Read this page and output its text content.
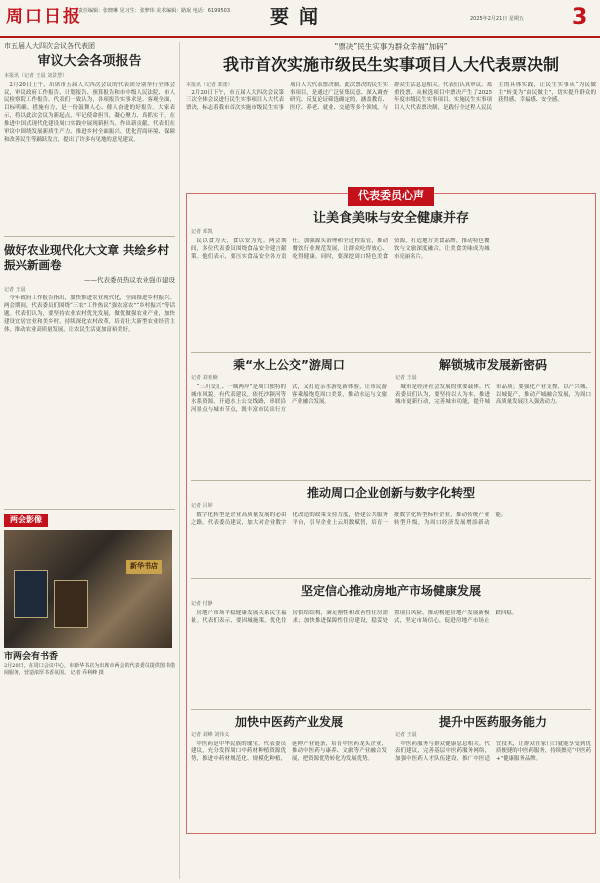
周口日报
责任编辑：张晓琳 见习生：张梦玮 美术编辑：路珉 电话：6199503 要闻	2025年2月21日 星期五 3
市五届人大四次会议各代表团
审议大会各项报告
本报讯（记者 王晨 刘景慧）

2月20日上午，出席市五届人大四次会议的代表团分别举行全体会议，审议政府工作报告、计划报告、预算报告和市中级人民法院、市人民检察院工作报告。代表们一致认为，各项报告实事求是、客观全面，目标明确、措施有力，是一份鼓舞人心、催人奋进的好报告。大家表示，将以此次会议为新起点，牢记使命担当，凝心聚力、真抓实干，在推进中国式现代化建设周口实践中展现新担当、作出新贡献。代表们在审议中围绕发展新质生产力、推进乡村全面振兴、优化营商环境、保障和改善民生等踊跃发言，提出了许多有见地的意见建议。

做好农业现代化大文章 共绘乡村振兴新画卷
——代表委员热议农业强市建设
记者 王晨

今年政府工作报告指出，加快推进农业现代化，全面推进乡村振兴。两会期间，代表委员们围绕“三农”工作热议“强农富农”“乡村振兴”等话题。代表们认为，要坚持农业农村优先发展，做优做强农业产业，加快建设宜居宜业和美乡村，持续深化农村改革，培育壮大新型农业经营主体，推动农业高质量发展，让农民生活更加富裕美好。

两会影像
新华书店
市两会有书香
2月20日，在周口会议中心，市新华书店为出席市两会的代表委员提供图书借阅服务，营造浓厚书香氛围。 记者 乔利峰 摄
“票决”民生实事为群众幸福“加码”
我市首次实施市级民生实事项目人大代表票决制
本报讯（记者 郭蕾）

2月20日下午，市五届人大四次会议第三次全体会议进行民生实事项目人大代表票决，标志着我市首次实施市级民生实事项目人大代表票决制。此次票决的民生实事项目，是通过广泛征集民意、深入调查研究、反复论证筛选确定的，涵盖教育、医疗、养老、就业、交通等多个领域，与群众生活息息相关。代表们认真审议、郑重投票，从候选项目中票决产生了2025年度市级民生实事项目。实施民生实事项目人大代表票决制，是践行全过程人民民主的具体实践，让民生实事从“为民做主”转变为“由民做主”，切实提升群众的获得感、幸福感、安全感。

代表委员心声
让美食美味与安全健康并存
记者 邓凯

民以食为天，食以安为先。两会期间，多位代表委员围绕食品安全建言献策。他们表示，要压实食品安全各方责任，加强源头治理和全过程监管，推动餐饮行业规范发展，让群众吃得放心、吃得健康。同时，要深挖周口特色美食资源，打造地方美食品牌，推动特色餐饮与文旅深度融合，让美食美味成为城市亮丽名片。

乘“水上公交”游周口
记者 刘亚楠

“三川交汇、一城两岸”是周口独特的城市风貌。有代表建议，依托沙颍河等水系资源，开通水上公交线路，串联沿河景点与城市节点，既丰富市民出行方式，又打造亲水游览新体验，让市民游客乘船饱览周口美景，推动水运与文旅产业融合发展。

解锁城市发展新密码
记者 王晨

城市是经济社会发展的重要载体。代表委员们认为，要坚持以人为本，推进城市更新行动，完善城市功能，提升城市品质；要强化产业支撑，以产兴城、以城促产，推动产城融合发展，为周口高质量发展注入强劲动力。

推动周口企业创新与数字化转型
记者 吕婷

数字化转型是企业高质量发展的必由之路。代表委员建议，加大对企业数字化改造的政策支持力度，搭建公共服务平台，引导企业上云用数赋智，培育一批数字化转型标杆企业，推动传统产业转型升级，为周口经济发展增添新动能。

坚定信心推动房地产市场健康发展
记者 付静

房地产市场平稳健康发展关系民生福祉。代表们表示，要因城施策，优化住房供给结构，满足刚性和改善性住房需求；加快推进保障性住房建设，稳妥处置项目风险，推动构建房地产发展新模式，坚定市场信心，促进房地产市场止跌回稳。

加快中医药产业发展
记者 刘峰 刘伟义

中医药是中华民族的瑰宝。代表委员建议，充分发挥周口中药材种植资源优势，推进中药材规范化、规模化种植，延伸产业链条，培育中医药龙头企业，推动中医药与康养、文旅等产业融合发展，把资源优势转化为发展优势。

提升中医药服务能力
记者 王晨

中医药服务与群众健康息息相关。代表们建议，完善基层中医药服务网络，加强中医药人才队伍建设，推广中医适宜技术，让群众在家门口就能享受到优质便捷的中医药服务，持续擦亮“中医药+”健康服务品牌。
